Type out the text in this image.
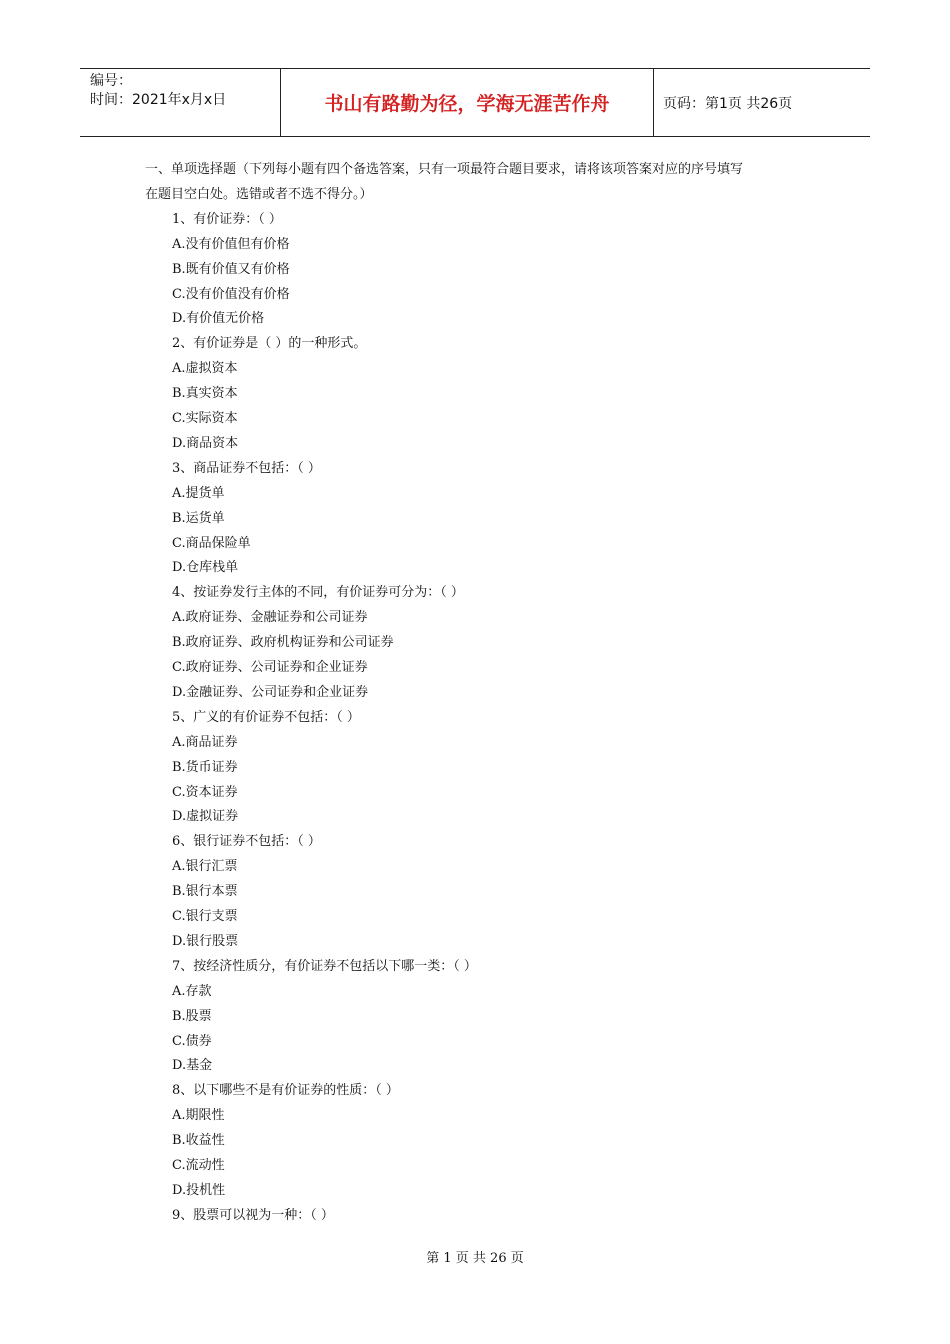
编号：
时间：2021年x月x日	书山有路勤为径，学海无涯苦作舟	页码：第1页 共26页
一、单项选择题（下列每小题有四个备选答案，只有一项最符合题目要求，请将该项答案对应的序号填写
在题目空白处。选错或者不选不得分。）
1、有价证券：（ ）
A.没有价值但有价格
B.既有价值又有价格
C.没有价值没有价格
D.有价值无价格
2、有价证券是（ ）的一种形式。
A.虚拟资本
B.真实资本
C.实际资本
D.商品资本
3、商品证券不包括：（ ）
A.提货单
B.运货单
C.商品保险单
D.仓库栈单
4、按证券发行主体的不同，有价证券可分为：（ ）
A.政府证券、金融证券和公司证券
B.政府证券、政府机构证券和公司证券
C.政府证券、公司证券和企业证券
D.金融证券、公司证券和企业证券
5、广义的有价证券不包括：（ ）
A.商品证券
B.货币证券
C.资本证券
D.虚拟证券
6、银行证券不包括：（ ）
A.银行汇票
B.银行本票
C.银行支票
D.银行股票
7、按经济性质分，有价证券不包括以下哪一类：（ ）
A.存款
B.股票
C.债券
D.基金
8、以下哪些不是有价证券的性质：（ ）
A.期限性
B.收益性
C.流动性
D.投机性
9、股票可以视为一种：（ ）
第 1 页 共 26 页
